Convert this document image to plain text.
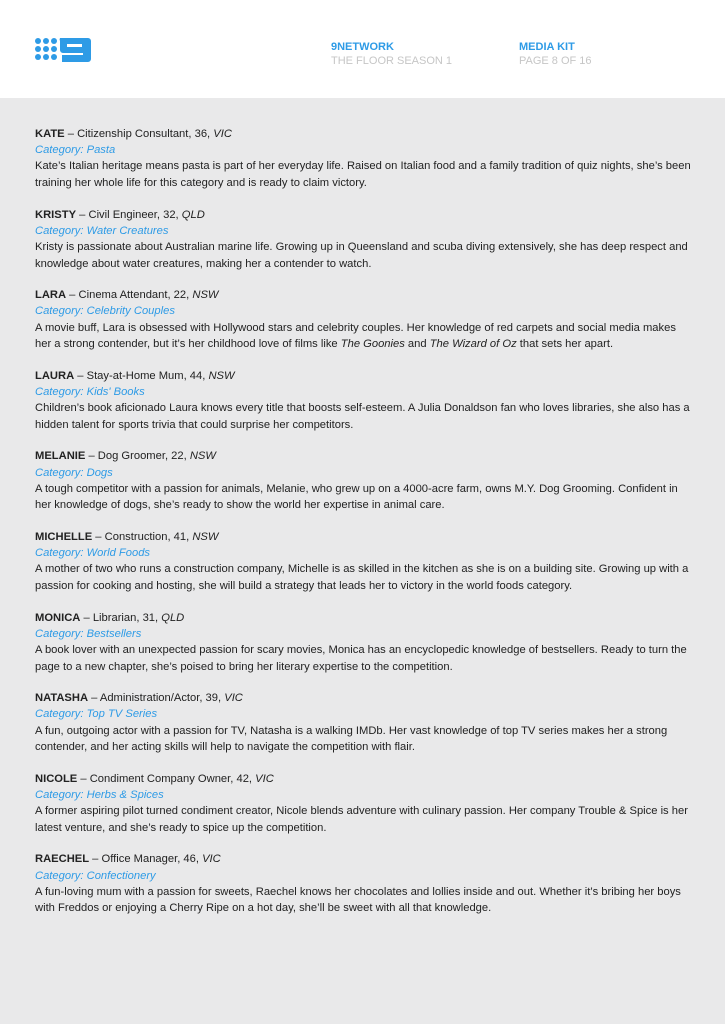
9NETWORK
THE FLOOR SEASON 1
MEDIA KIT
PAGE 8 OF 16
KATE – Citizenship Consultant, 36, VIC
Category: Pasta
Kate’s Italian heritage means pasta is part of her everyday life. Raised on Italian food and a family tradition of quiz nights, she’s been training her whole life for this category and is ready to claim victory.
KRISTY – Civil Engineer, 32, QLD
Category: Water Creatures
Kristy is passionate about Australian marine life. Growing up in Queensland and scuba diving extensively, she has deep respect and knowledge about water creatures, making her a contender to watch.
LARA – Cinema Attendant, 22, NSW
Category: Celebrity Couples
A movie buff, Lara is obsessed with Hollywood stars and celebrity couples. Her knowledge of red carpets and social media makes her a strong contender, but it’s her childhood love of films like The Goonies and The Wizard of Oz that sets her apart.
LAURA – Stay-at-Home Mum, 44, NSW
Category: Kids' Books
Children’s book aficionado Laura knows every title that boosts self-esteem. A Julia Donaldson fan who loves libraries, she also has a hidden talent for sports trivia that could surprise her competitors.
MELANIE – Dog Groomer, 22, NSW
Category: Dogs
A tough competitor with a passion for animals, Melanie, who grew up on a 4000-acre farm, owns M.Y. Dog Grooming. Confident in her knowledge of dogs, she’s ready to show the world her expertise in animal care.
MICHELLE – Construction, 41, NSW
Category: World Foods
A mother of two who runs a construction company, Michelle is as skilled in the kitchen as she is on a building site. Growing up with a passion for cooking and hosting, she will build a strategy that leads her to victory in the world foods category.
MONICA – Librarian, 31, QLD
Category: Bestsellers
A book lover with an unexpected passion for scary movies, Monica has an encyclopedic knowledge of bestsellers. Ready to turn the page to a new chapter, she’s poised to bring her literary expertise to the competition.
NATASHA – Administration/Actor, 39, VIC
Category: Top TV Series
A fun, outgoing actor with a passion for TV, Natasha is a walking IMDb. Her vast knowledge of top TV series makes her a strong contender, and her acting skills will help to navigate the competition with flair.
NICOLE – Condiment Company Owner, 42, VIC
Category: Herbs & Spices
A former aspiring pilot turned condiment creator, Nicole blends adventure with culinary passion. Her company Trouble & Spice is her latest venture, and she’s ready to spice up the competition.
RAECHEL – Office Manager, 46, VIC
Category: Confectionery
A fun-loving mum with a passion for sweets, Raechel knows her chocolates and lollies inside and out. Whether it’s bribing her boys with Freddos or enjoying a Cherry Ripe on a hot day, she’ll be sweet with all that knowledge.
